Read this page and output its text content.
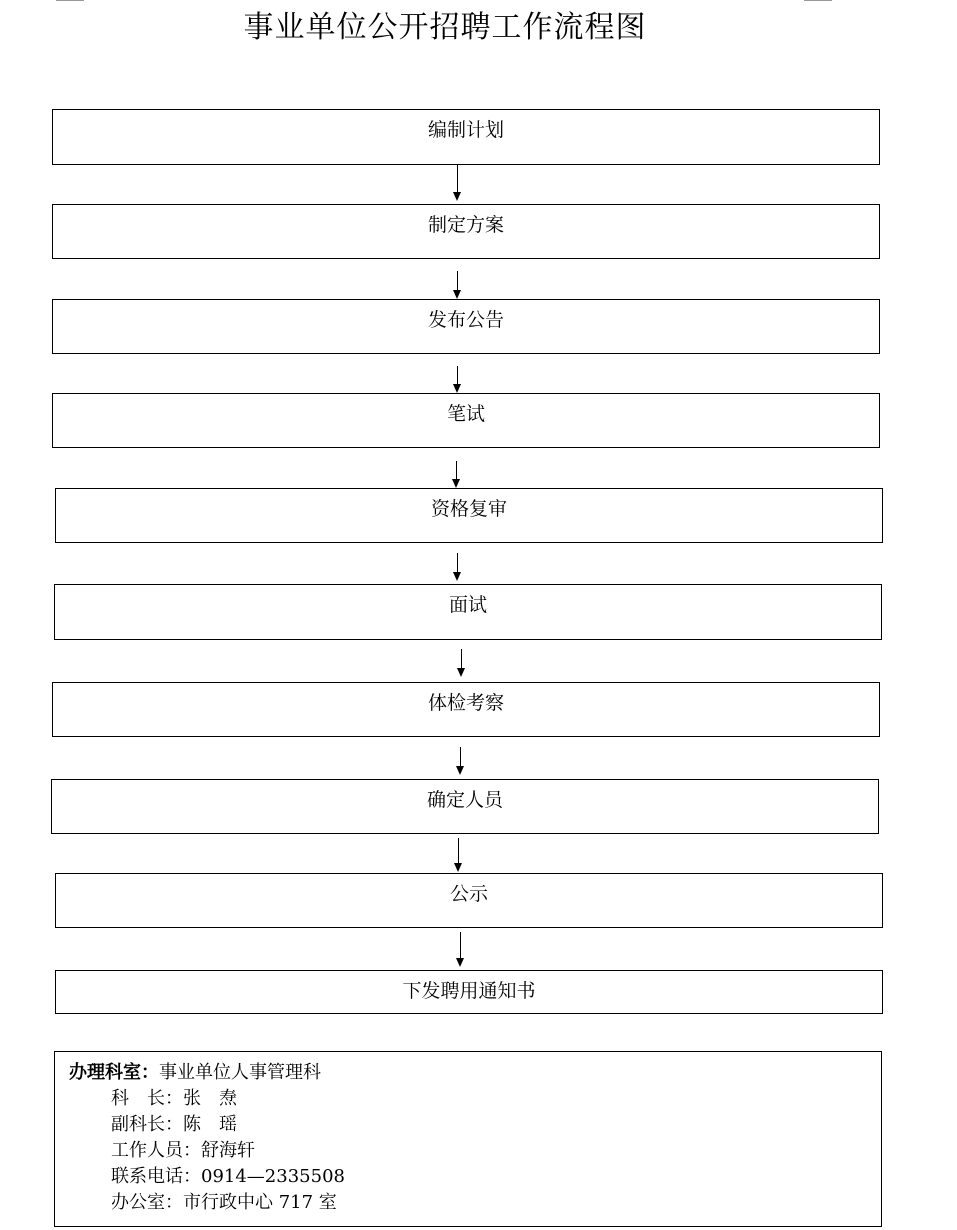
事业单位公开招聘工作流程图
编制计划
制定方案
发布公告
笔试
资格复审
面试
体检考察
确定人员
公示
下发聘用通知书
办理科室：事业单位人事管理科
科　长：张　焘
副科长：陈　瑶
工作人员：舒海轩
联系电话：0914—2335508
办公室：市行政中心 717 室
